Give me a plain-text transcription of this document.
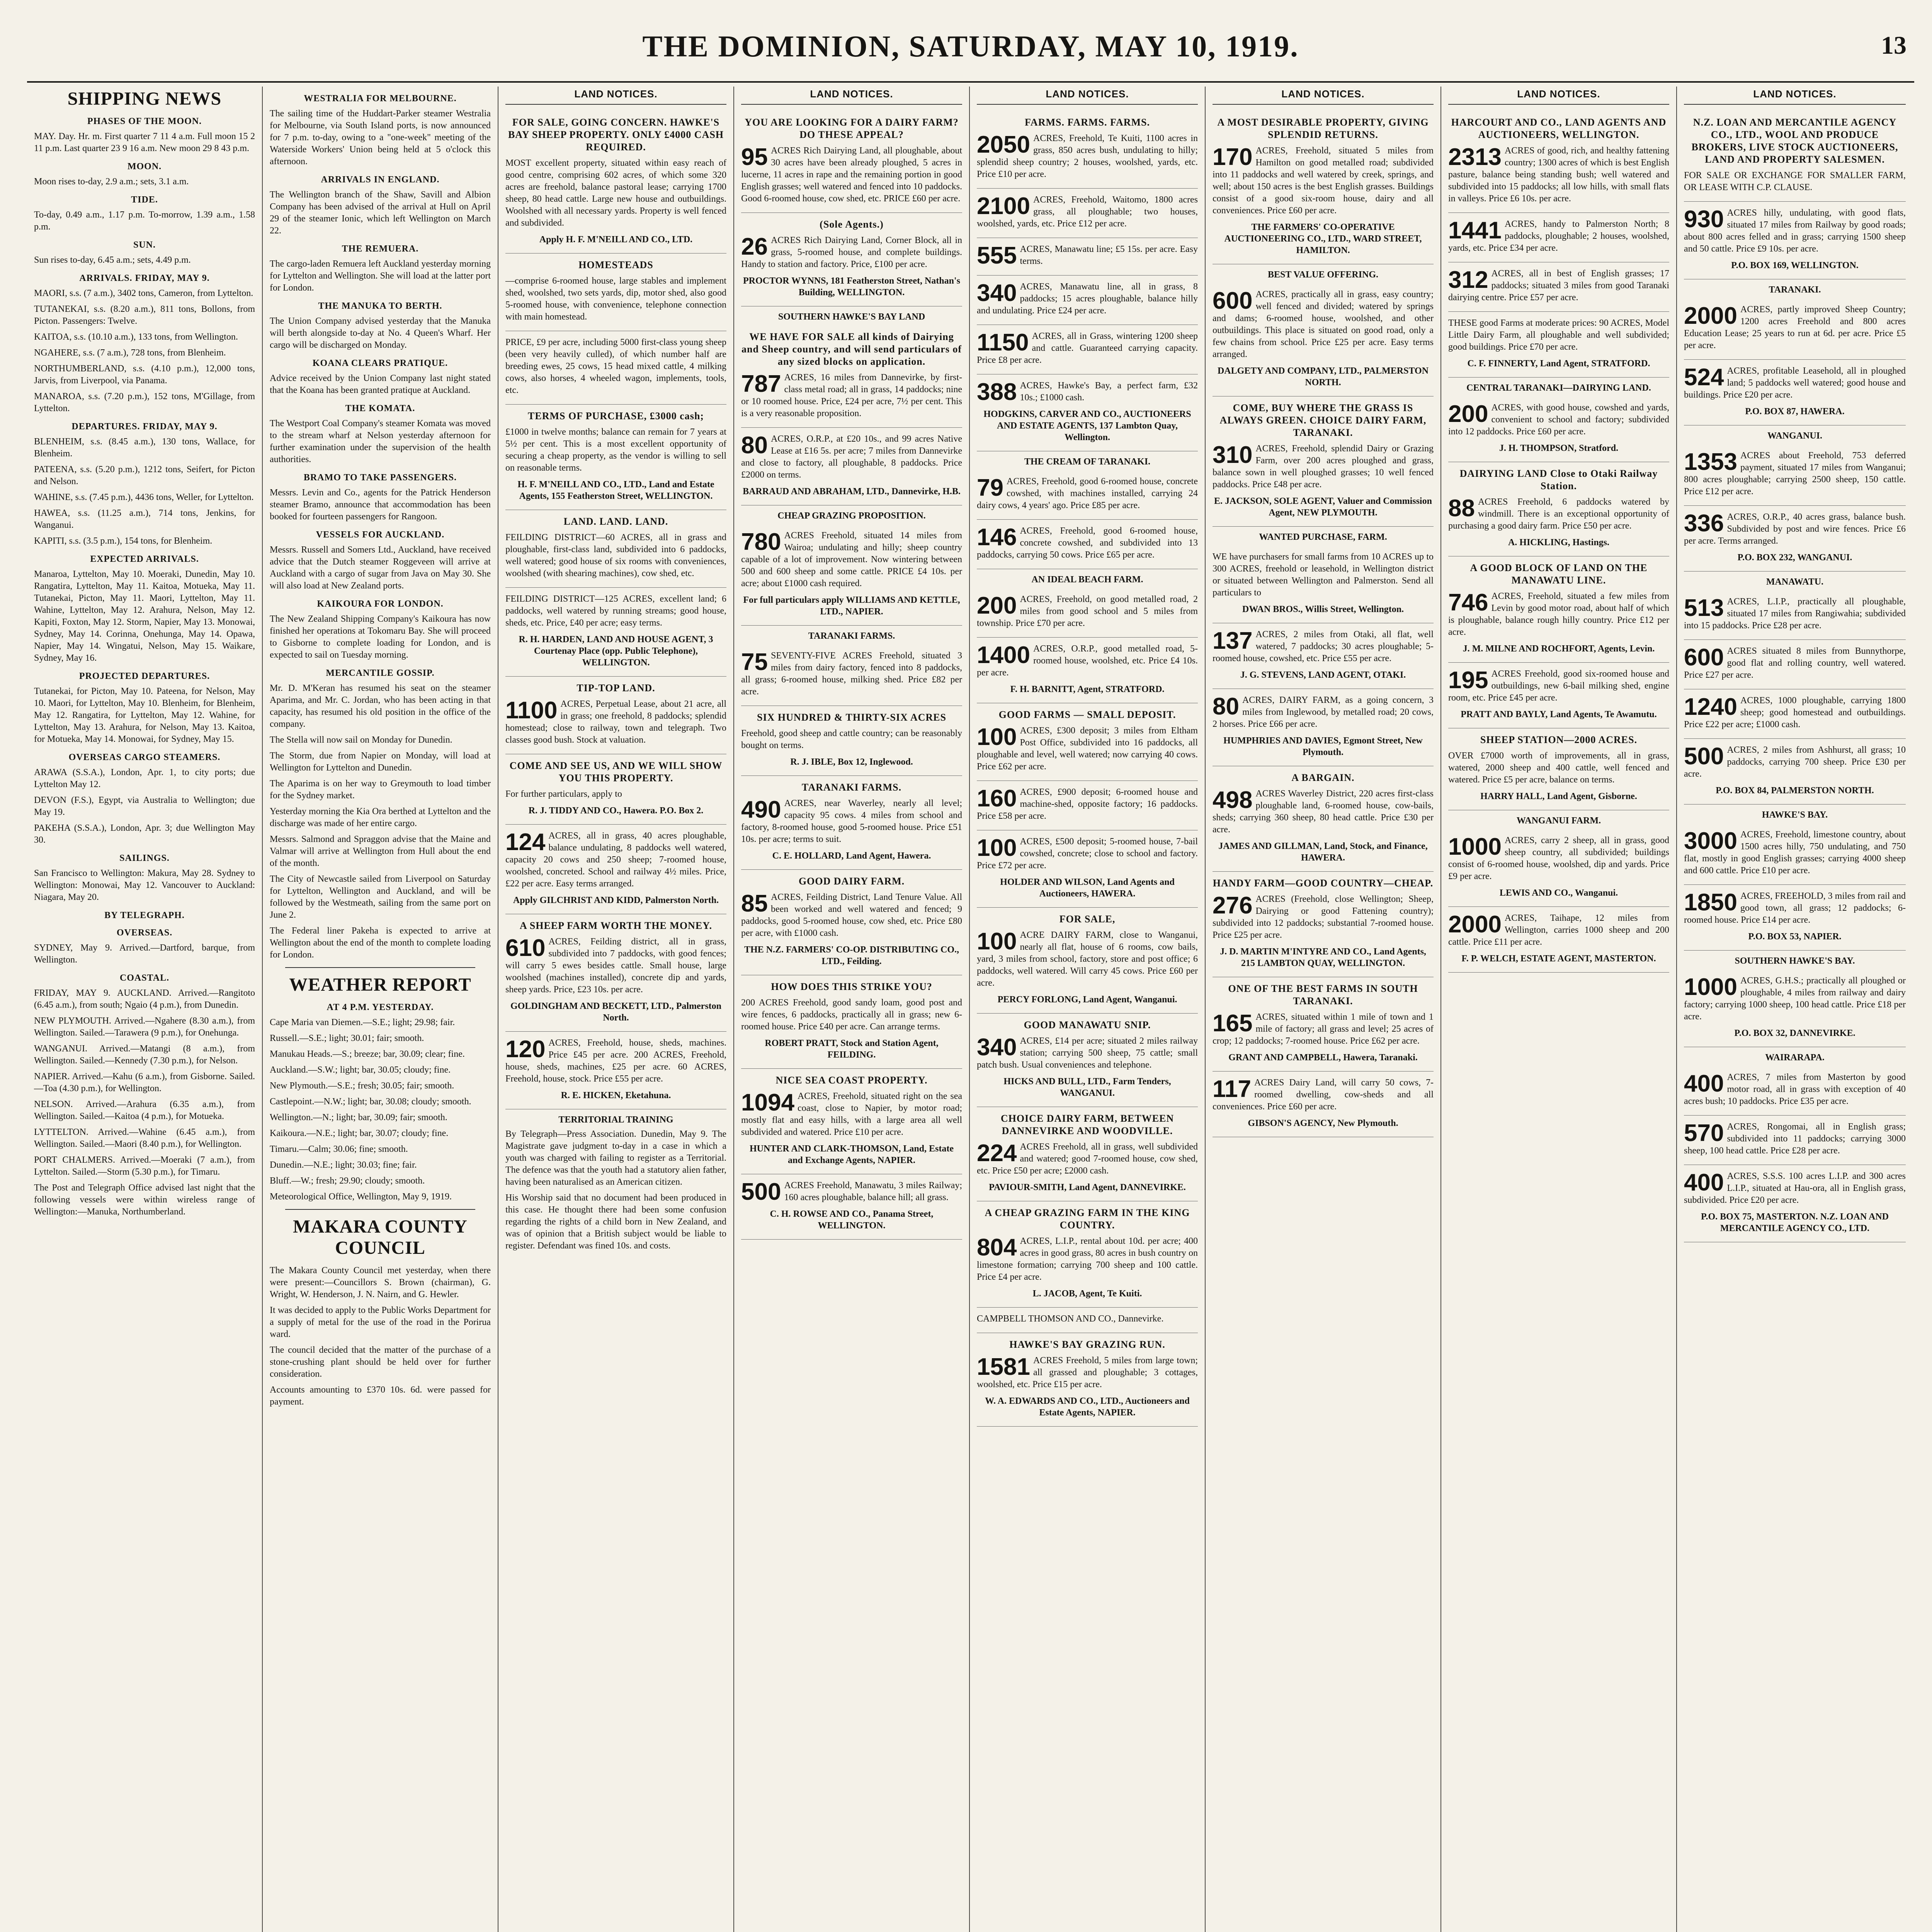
THE DOMINION, SATURDAY, MAY 10, 1919.	13
SHIPPING NEWS
PHASES OF THE MOON.
MAY. Day. Hr. m. First quarter 7 11 4 a.m. Full moon 15 2 11 p.m. Last quarter 23 9 16 a.m. New moon 29 8 43 p.m.
MOON.
Moon rises to-day, 2.9 a.m.; sets, 3.1 a.m.
TIDE.
To-day, 0.49 a.m., 1.17 p.m. To-morrow, 1.39 a.m., 1.58 p.m.
SUN.
Sun rises to-day, 6.45 a.m.; sets, 4.49 p.m.
ARRIVALS. FRIDAY, MAY 9.
MAORI, s.s. (7 a.m.), 3402 tons, Cameron, from Lyttelton.
TUTANEKAI, s.s. (8.20 a.m.), 811 tons, Bollons, from Picton. Passengers: Twelve.
KAITOA, s.s. (10.10 a.m.), 133 tons, from Wellington.
NGAHERE, s.s. (7 a.m.), 728 tons, from Blenheim.
NORTHUMBERLAND, s.s. (4.10 p.m.), 12,000 tons, Jarvis, from Liverpool, via Panama.
MANAROA, s.s. (7.20 p.m.), 152 tons, M'Gillage, from Lyttelton.
DEPARTURES. FRIDAY, MAY 9.
BLENHEIM, s.s. (8.45 a.m.), 130 tons, Wallace, for Blenheim.
PATEENA, s.s. (5.20 p.m.), 1212 tons, Seifert, for Picton and Nelson.
WAHINE, s.s. (7.45 p.m.), 4436 tons, Weller, for Lyttelton.
HAWEA, s.s. (11.25 a.m.), 714 tons, Jenkins, for Wanganui.
KAPITI, s.s. (3.5 p.m.), 154 tons, for Blenheim.
EXPECTED ARRIVALS.
Manaroa, Lyttelton, May 10. Moeraki, Dunedin, May 10. Rangatira, Lyttelton, May 11. Kaitoa, Motueka, May 11. Tutanekai, Picton, May 11. Maori, Lyttelton, May 11. Wahine, Lyttelton, May 12. Arahura, Nelson, May 12. Kapiti, Foxton, May 12. Storm, Napier, May 13. Monowai, Sydney, May 14. Corinna, Onehunga, May 14. Opawa, Napier, May 14. Wingatui, Nelson, May 15. Waikare, Sydney, May 16.
PROJECTED DEPARTURES.
Tutanekai, for Picton, May 10. Pateena, for Nelson, May 10. Maori, for Lyttelton, May 10. Blenheim, for Blenheim, May 12. Rangatira, for Lyttelton, May 12. Wahine, for Lyttelton, May 13. Arahura, for Nelson, May 13. Kaitoa, for Motueka, May 14. Monowai, for Sydney, May 15.
OVERSEAS CARGO STEAMERS.
ARAWA (S.S.A.), London, Apr. 1, to city ports; due Lyttelton May 12.
DEVON (F.S.), Egypt, via Australia to Wellington; due May 19.
PAKEHA (S.S.A.), London, Apr. 3; due Wellington May 30.
SAILINGS.
San Francisco to Wellington: Makura, May 28. Sydney to Wellington: Monowai, May 12. Vancouver to Auckland: Niagara, May 20.
BY TELEGRAPH.
OVERSEAS.
SYDNEY, May 9. Arrived.—Dartford, barque, from Wellington.
COASTAL.
FRIDAY, MAY 9. AUCKLAND. Arrived.—Rangitoto (6.45 a.m.), from south; Ngaio (4 p.m.), from Dunedin.
NEW PLYMOUTH. Arrived.—Ngahere (8.30 a.m.), from Wellington. Sailed.—Tarawera (9 p.m.), for Onehunga.
WANGANUI. Arrived.—Matangi (8 a.m.), from Wellington. Sailed.—Kennedy (7.30 p.m.), for Nelson.
NAPIER. Arrived.—Kahu (6 a.m.), from Gisborne. Sailed.—Toa (4.30 p.m.), for Wellington.
NELSON. Arrived.—Arahura (6.35 a.m.), from Wellington. Sailed.—Kaitoa (4 p.m.), for Motueka.
LYTTELTON. Arrived.—Wahine (6.45 a.m.), from Wellington. Sailed.—Maori (8.40 p.m.), for Wellington.
PORT CHALMERS. Arrived.—Moeraki (7 a.m.), from Lyttelton. Sailed.—Storm (5.30 p.m.), for Timaru.
The Post and Telegraph Office advised last night that the following vessels were within wireless range of Wellington:—Manuka, Northumberland.
WESTRALIA FOR MELBOURNE.
The sailing time of the Huddart-Parker steamer Westralia for Melbourne, via South Island ports, is now announced for 7 p.m. to-day, owing to a "one-week" meeting of the Waterside Workers' Union being held at 5 o'clock this afternoon.
ARRIVALS IN ENGLAND.
The Wellington branch of the Shaw, Savill and Albion Company has been advised of the arrival at Hull on April 29 of the steamer Ionic, which left Wellington on March 22.
THE REMUERA.
The cargo-laden Remuera left Auckland yesterday morning for Lyttelton and Wellington. She will load at the latter port for London.
THE MANUKA TO BERTH.
The Union Company advised yesterday that the Manuka will berth alongside to-day at No. 4 Queen's Wharf. Her cargo will be discharged on Monday.
KOANA CLEARS PRATIQUE.
Advice received by the Union Company last night stated that the Koana has been granted pratique at Auckland.
THE KOMATA.
The Westport Coal Company's steamer Komata was moved to the stream wharf at Nelson yesterday afternoon for further examination under the supervision of the health authorities.
BRAMO TO TAKE PASSENGERS.
Messrs. Levin and Co., agents for the Patrick Henderson steamer Bramo, announce that accommodation has been booked for fourteen passengers for Rangoon.
VESSELS FOR AUCKLAND.
Messrs. Russell and Somers Ltd., Auckland, have received advice that the Dutch steamer Roggeveen will arrive at Auckland with a cargo of sugar from Java on May 30. She will also load at New Zealand ports.
KAIKOURA FOR LONDON.
The New Zealand Shipping Company's Kaikoura has now finished her operations at Tokomaru Bay. She will proceed to Gisborne to complete loading for London, and is expected to sail on Tuesday morning.
MERCANTILE GOSSIP.
Mr. D. M'Keran has resumed his seat on the steamer Aparima, and Mr. C. Jordan, who has been acting in that capacity, has resumed his old position in the office of the company.
The Stella will now sail on Monday for Dunedin.
The Storm, due from Napier on Monday, will load at Wellington for Lyttelton and Dunedin.
The Aparima is on her way to Greymouth to load timber for the Sydney market.
Yesterday morning the Kia Ora berthed at Lyttelton and the discharge was made of her entire cargo.
Messrs. Salmond and Spraggon advise that the Maine and Valmar will arrive at Wellington from Hull about the end of the month.
The City of Newcastle sailed from Liverpool on Saturday for Lyttelton, Wellington and Auckland, and will be followed by the Westmeath, sailing from the same port on June 2.
The Federal liner Pakeha is expected to arrive at Wellington about the end of the month to complete loading for London.
WEATHER REPORT
AT 4 P.M. YESTERDAY.
Cape Maria van Diemen.—S.E.; light; 29.98; fair.
Russell.—S.E.; light; 30.01; fair; smooth.
Manukau Heads.—S.; breeze; bar, 30.09; clear; fine.
Auckland.—S.W.; light; bar, 30.05; cloudy; fine.
New Plymouth.—S.E.; fresh; 30.05; fair; smooth.
Castlepoint.—N.W.; light; bar, 30.08; cloudy; smooth.
Wellington.—N.; light; bar, 30.09; fair; smooth.
Kaikoura.—N.E.; light; bar, 30.07; cloudy; fine.
Timaru.—Calm; 30.06; fine; smooth.
Dunedin.—N.E.; light; 30.03; fine; fair.
Bluff.—W.; fresh; 29.90; cloudy; smooth.
Meteorological Office, Wellington, May 9, 1919.
MAKARA COUNTY COUNCIL
The Makara County Council met yesterday, when there were present:—Councillors S. Brown (chairman), G. Wright, W. Henderson, J. N. Nairn, and G. Hewler.
It was decided to apply to the Public Works Department for a supply of metal for the use of the road in the Porirua ward.
The council decided that the matter of the purchase of a stone-crushing plant should be held over for further consideration.
Accounts amounting to £370 10s. 6d. were passed for payment.
LAND NOTICES.
FOR SALE, GOING CONCERN. HAWKE'S BAY SHEEP PROPERTY. ONLY £4000 CASH REQUIRED.
MOST excellent property, situated within easy reach of good centre, comprising 602 acres, of which some 320 acres are freehold, balance pastoral lease; carrying 1700 sheep, 80 head cattle. Large new house and outbuildings. Woolshed with all necessary yards. Property is well fenced and subdivided.
Apply H. F. M'NEILL AND CO., LTD.
HOMESTEADS
—comprise 6-roomed house, large stables and implement shed, woolshed, two sets yards, dip, motor shed, also good 5-roomed house, with convenience, telephone connection with main homestead.
PRICE, £9 per acre, including 5000 first-class young sheep (been very heavily culled), of which number half are breeding ewes, 25 cows, 15 head mixed cattle, 4 milking cows, also horses, 4 wheeled wagon, implements, tools, etc.
TERMS OF PURCHASE, £3000 cash;
£1000 in twelve months; balance can remain for 7 years at 5½ per cent. This is a most excellent opportunity of securing a cheap property, as the vendor is willing to sell on reasonable terms.
H. F. M'NEILL AND CO., LTD., Land and Estate Agents, 155 Featherston Street, WELLINGTON.
LAND. LAND. LAND.
FEILDING DISTRICT—60 ACRES, all in grass and ploughable, first-class land, subdivided into 6 paddocks, well watered; good house of six rooms with conveniences, woolshed (with shearing machines), cow shed, etc.
FEILDING DISTRICT—125 ACRES, excellent land; 6 paddocks, well watered by running streams; good house, sheds, etc. Price, £40 per acre; easy terms.
R. H. HARDEN, LAND AND HOUSE AGENT, 3 Courtenay Place (opp. Public Telephone), WELLINGTON.
TIP-TOP LAND.
1100 ACRES, Perpetual Lease, about 21 acre, all in grass; one freehold, 8 paddocks; splendid homestead; close to railway, town and telegraph. Two classes good bush. Stock at valuation.
COME AND SEE US, AND WE WILL SHOW YOU THIS PROPERTY.
For further particulars, apply to
R. J. TIDDY AND CO., Hawera. P.O. Box 2.
124 ACRES, all in grass, 40 acres ploughable, balance undulating, 8 paddocks well watered, capacity 20 cows and 250 sheep; 7-roomed house, woolshed, concreted. School and railway 4½ miles. Price, £22 per acre. Easy terms arranged.
Apply GILCHRIST AND KIDD, Palmerston North.
A SHEEP FARM WORTH THE MONEY.
610 ACRES, Feilding district, all in grass, subdivided into 7 paddocks, with good fences; will carry 5 ewes besides cattle. Small house, large woolshed (machines installed), concrete dip and yards, sheep yards. Price, £23 10s. per acre.
GOLDINGHAM AND BECKETT, LTD., Palmerston North.
120 ACRES, Freehold, house, sheds, machines. Price £45 per acre. 200 ACRES, Freehold, house, sheds, machines, £25 per acre. 60 ACRES, Freehold, house, stock. Price £55 per acre.
R. E. HICKEN, Eketahuna.
TERRITORIAL TRAINING
By Telegraph—Press Association. Dunedin, May 9. The Magistrate gave judgment to-day in a case in which a youth was charged with failing to register as a Territorial. The defence was that the youth had a statutory alien father, having been naturalised as an American citizen.
His Worship said that no document had been produced in this case. He thought there had been some confusion regarding the rights of a child born in New Zealand, and was of opinion that a British subject would be liable to register. Defendant was fined 10s. and costs.
LAND NOTICES.
YOU ARE LOOKING FOR A DAIRY FARM? DO THESE APPEAL?
95 ACRES Rich Dairying Land, all ploughable, about 30 acres have been already ploughed, 5 acres in lucerne, 11 acres in rape and the remaining portion in good English grasses; well watered and fenced into 10 paddocks. Good 6-roomed house, cow shed, etc. PRICE £60 per acre.
(Sole Agents.)
26 ACRES Rich Dairying Land, Corner Block, all in grass, 5-roomed house, and complete buildings. Handy to station and factory. Price, £100 per acre.
PROCTOR WYNNS, 181 Featherston Street, Nathan's Building, WELLINGTON.
SOUTHERN HAWKE'S BAY LAND
WE HAVE FOR SALE all kinds of Dairying and Sheep country, and will send particulars of any sized blocks on application.
787 ACRES, 16 miles from Dannevirke, by first-class metal road; all in grass, 14 paddocks; nine or 10 roomed house. Price, £24 per acre, 7½ per cent. This is a very reasonable proposition.
80 ACRES, O.R.P., at £20 10s., and 99 acres Native Lease at £16 5s. per acre; 7 miles from Dannevirke and close to factory, all ploughable, 8 paddocks. Price £2000 on terms.
BARRAUD AND ABRAHAM, LTD., Dannevirke, H.B.
CHEAP GRAZING PROPOSITION.
780 ACRES Freehold, situated 14 miles from Wairoa; undulating and hilly; sheep country capable of a lot of improvement. Now wintering between 500 and 600 sheep and some cattle. PRICE £4 10s. per acre; about £1000 cash required.
For full particulars apply WILLIAMS AND KETTLE, LTD., NAPIER.
TARANAKI FARMS.
75 SEVENTY-FIVE ACRES Freehold, situated 3 miles from dairy factory, fenced into 8 paddocks, all grass; 6-roomed house, milking shed. Price £82 per acre.
SIX HUNDRED & THIRTY-SIX ACRES
Freehold, good sheep and cattle country; can be reasonably bought on terms.
R. J. IBLE, Box 12, Inglewood.
TARANAKI FARMS.
490 ACRES, near Waverley, nearly all level; capacity 95 cows. 4 miles from school and factory, 8-roomed house, good 5-roomed house. Price £51 10s. per acre; terms to suit.
C. E. HOLLARD, Land Agent, Hawera.
GOOD DAIRY FARM.
85 ACRES, Feilding District, Land Tenure Value. All been worked and well watered and fenced; 9 paddocks, good 5-roomed house, cow shed, etc. Price £80 per acre, with £1000 cash.
THE N.Z. FARMERS' CO-OP. DISTRIBUTING CO., LTD., Feilding.
HOW DOES THIS STRIKE YOU?
200 ACRES Freehold, good sandy loam, good post and wire fences, 6 paddocks, practically all in grass; new 6-roomed house. Price £40 per acre. Can arrange terms.
ROBERT PRATT, Stock and Station Agent, FEILDING.
NICE SEA COAST PROPERTY.
1094 ACRES, Freehold, situated right on the sea coast, close to Napier, by motor road; mostly flat and easy hills, with a large area all well subdivided and watered. Price £10 per acre.
HUNTER AND CLARK-THOMSON, Land, Estate and Exchange Agents, NAPIER.
500 ACRES Freehold, Manawatu, 3 miles Railway; 160 acres ploughable, balance hill; all grass.
C. H. ROWSE AND CO., Panama Street, WELLINGTON.
LAND NOTICES.
FARMS. FARMS. FARMS.
2050 ACRES, Freehold, Te Kuiti, 1100 acres in grass, 850 acres bush, undulating to hilly; splendid sheep country; 2 houses, woolshed, yards, etc. Price £10 per acre.
2100 ACRES, Freehold, Waitomo, 1800 acres grass, all ploughable; two houses, woolshed, yards, etc. Price £12 per acre.
555 ACRES, Manawatu line; £5 15s. per acre. Easy terms.
340 ACRES, Manawatu line, all in grass, 8 paddocks; 15 acres ploughable, balance hilly and undulating. Price £24 per acre.
1150 ACRES, all in Grass, wintering 1200 sheep and cattle. Guaranteed carrying capacity. Price £8 per acre.
388 ACRES, Hawke's Bay, a perfect farm, £32 10s.; £1000 cash.
HODGKINS, CARVER AND CO., AUCTIONEERS AND ESTATE AGENTS, 137 Lambton Quay, Wellington.
THE CREAM OF TARANAKI.
79 ACRES, Freehold, good 6-roomed house, concrete cowshed, with machines installed, carrying 24 dairy cows, 4 years' ago. Price £85 per acre.
146 ACRES, Freehold, good 6-roomed house, concrete cowshed, and subdivided into 13 paddocks, carrying 50 cows. Price £65 per acre.
AN IDEAL BEACH FARM.
200 ACRES, Freehold, on good metalled road, 2 miles from good school and 5 miles from township. Price £70 per acre.
1400 ACRES, O.R.P., good metalled road, 5-roomed house, woolshed, etc. Price £4 10s. per acre.
F. H. BARNITT, Agent, STRATFORD.
GOOD FARMS — SMALL DEPOSIT.
100 ACRES, £300 deposit; 3 miles from Eltham Post Office, subdivided into 16 paddocks, all ploughable and level, well watered; now carrying 40 cows. Price £62 per acre.
160 ACRES, £900 deposit; 6-roomed house and machine-shed, opposite factory; 16 paddocks. Price £58 per acre.
100 ACRES, £500 deposit; 5-roomed house, 7-bail cowshed, concrete; close to school and factory. Price £72 per acre.
HOLDER AND WILSON, Land Agents and Auctioneers, HAWERA.
FOR SALE,
100 ACRE DAIRY FARM, close to Wanganui, nearly all flat, house of 6 rooms, cow bails, yard, 3 miles from school, factory, store and post office; 6 paddocks, well watered. Will carry 45 cows. Price £60 per acre.
PERCY FORLONG, Land Agent, Wanganui.
GOOD MANAWATU SNIP.
340 ACRES, £14 per acre; situated 2 miles railway station; carrying 500 sheep, 75 cattle; small patch bush. Usual conveniences and telephone.
HICKS AND BULL, LTD., Farm Tenders, WANGANUI.
CHOICE DAIRY FARM, BETWEEN DANNEVIRKE AND WOODVILLE.
224 ACRES Freehold, all in grass, well subdivided and watered; good 7-roomed house, cow shed, etc. Price £50 per acre; £2000 cash.
PAVIOUR-SMITH, Land Agent, DANNEVIRKE.
A CHEAP GRAZING FARM IN THE KING COUNTRY.
804 ACRES, L.I.P., rental about 10d. per acre; 400 acres in good grass, 80 acres in bush country on limestone formation; carrying 700 sheep and 100 cattle. Price £4 per acre.
L. JACOB, Agent, Te Kuiti.
CAMPBELL THOMSON AND CO., Dannevirke.
HAWKE'S BAY GRAZING RUN.
1581 ACRES Freehold, 5 miles from large town; all grassed and ploughable; 3 cottages, woolshed, etc. Price £15 per acre.
W. A. EDWARDS AND CO., LTD., Auctioneers and Estate Agents, NAPIER.
LAND NOTICES.
A MOST DESIRABLE PROPERTY, GIVING SPLENDID RETURNS.
170 ACRES, Freehold, situated 5 miles from Hamilton on good metalled road; subdivided into 11 paddocks and well watered by creek, springs, and well; about 150 acres is the best English grasses. Buildings consist of a good six-room house, dairy and all conveniences. Price £60 per acre.
THE FARMERS' CO-OPERATIVE AUCTIONEERING CO., LTD., WARD STREET, HAMILTON.
BEST VALUE OFFERING.
600 ACRES, practically all in grass, easy country; well fenced and divided; watered by springs and dams; 6-roomed house, woolshed, and other outbuildings. This place is situated on good road, only a few chains from school. Price £25 per acre. Easy terms arranged.
DALGETY AND COMPANY, LTD., PALMERSTON NORTH.
COME, BUY WHERE THE GRASS IS ALWAYS GREEN. CHOICE DAIRY FARM, TARANAKI.
310 ACRES, Freehold, splendid Dairy or Grazing Farm, over 200 acres ploughed and grass, balance sown in well ploughed grasses; 10 well fenced paddocks. Price £48 per acre.
E. JACKSON, SOLE AGENT, Valuer and Commission Agent, NEW PLYMOUTH.
WANTED PURCHASE, FARM.
WE have purchasers for small farms from 10 ACRES up to 300 ACRES, freehold or leasehold, in Wellington district or situated between Wellington and Palmerston. Send all particulars to
DWAN BROS., Willis Street, Wellington.
137 ACRES, 2 miles from Otaki, all flat, well watered, 7 paddocks; 30 acres ploughable; 5-roomed house, cowshed, etc. Price £55 per acre.
J. G. STEVENS, LAND AGENT, OTAKI.
80 ACRES, DAIRY FARM, as a going concern, 3 miles from Inglewood, by metalled road; 20 cows, 2 horses. Price £66 per acre.
HUMPHRIES AND DAVIES, Egmont Street, New Plymouth.
A BARGAIN.
498 ACRES Waverley District, 220 acres first-class ploughable land, 6-roomed house, cow-bails, sheds; carrying 360 sheep, 80 head cattle. Price £30 per acre.
JAMES AND GILLMAN, Land, Stock, and Finance, HAWERA.
HANDY FARM—GOOD COUNTRY—CHEAP.
276 ACRES (Freehold, close Wellington; Sheep, Dairying or good Fattening country); subdivided into 12 paddocks; substantial 7-roomed house. Price £25 per acre.
J. D. MARTIN M'INTYRE AND CO., Land Agents, 215 LAMBTON QUAY, WELLINGTON.
ONE OF THE BEST FARMS IN SOUTH TARANAKI.
165 ACRES, situated within 1 mile of town and 1 mile of factory; all grass and level; 25 acres of crop; 12 paddocks; 7-roomed house. Price £62 per acre.
GRANT AND CAMPBELL, Hawera, Taranaki.
117 ACRES Dairy Land, will carry 50 cows, 7-roomed dwelling, cow-sheds and all conveniences. Price £60 per acre.
GIBSON'S AGENCY, New Plymouth.
LAND NOTICES.
HARCOURT AND CO., LAND AGENTS AND AUCTIONEERS, WELLINGTON.
2313 ACRES of good, rich, and healthy fattening country; 1300 acres of which is best English pasture, balance being standing bush; well watered and subdivided into 15 paddocks; all low hills, with small flats in valleys. Price £6 10s. per acre.
1441 ACRES, handy to Palmerston North; 8 paddocks, ploughable; 2 houses, woolshed, yards, etc. Price £34 per acre.
312 ACRES, all in best of English grasses; 17 paddocks; situated 3 miles from good Taranaki dairying centre. Price £57 per acre.
THESE good Farms at moderate prices: 90 ACRES, Model Little Dairy Farm, all ploughable and well subdivided; good buildings. Price £70 per acre.
C. F. FINNERTY, Land Agent, STRATFORD.
CENTRAL TARANAKI—DAIRYING LAND.
200 ACRES, with good house, cowshed and yards, convenient to school and factory; subdivided into 12 paddocks. Price £60 per acre.
J. H. THOMPSON, Stratford.
DAIRYING LAND Close to Otaki Railway Station.
88 ACRES Freehold, 6 paddocks watered by windmill. There is an exceptional opportunity of purchasing a good dairy farm. Price £50 per acre.
A. HICKLING, Hastings.
A GOOD BLOCK OF LAND ON THE MANAWATU LINE.
746 ACRES, Freehold, situated a few miles from Levin by good motor road, about half of which is ploughable, balance rough hilly country. Price £12 per acre.
J. M. MILNE AND ROCHFORT, Agents, Levin.
195 ACRES Freehold, good six-roomed house and outbuildings, new 6-bail milking shed, engine room, etc. Price £45 per acre.
PRATT AND BAYLY, Land Agents, Te Awamutu.
SHEEP STATION—2000 ACRES.
OVER £7000 worth of improvements, all in grass, watered, 2000 sheep and 400 cattle, well fenced and watered. Price £5 per acre, balance on terms.
HARRY HALL, Land Agent, Gisborne.
WANGANUI FARM.
1000 ACRES, carry 2 sheep, all in grass, good sheep country, all subdivided; buildings consist of 6-roomed house, woolshed, dip and yards. Price £9 per acre.
LEWIS AND CO., Wanganui.
2000 ACRES, Taihape, 12 miles from Wellington, carries 1000 sheep and 200 cattle. Price £11 per acre.
F. P. WELCH, ESTATE AGENT, MASTERTON.
LAND NOTICES.
N.Z. LOAN AND MERCANTILE AGENCY CO., LTD., WOOL AND PRODUCE BROKERS, LIVE STOCK AUCTIONEERS, LAND AND PROPERTY SALESMEN.
FOR SALE OR EXCHANGE FOR SMALLER FARM, OR LEASE WITH C.P. CLAUSE.
930 ACRES hilly, undulating, with good flats, situated 17 miles from Railway by good roads; about 800 acres felled and in grass; carrying 1500 sheep and 50 cattle. Price £9 10s. per acre.
P.O. BOX 169, WELLINGTON.
TARANAKI.
2000 ACRES, partly improved Sheep Country; 1200 acres Freehold and 800 acres Education Lease; 25 years to run at 6d. per acre. Price £5 per acre.
524 ACRES, profitable Leasehold, all in ploughed land; 5 paddocks well watered; good house and buildings. Price £20 per acre.
P.O. BOX 87, HAWERA.
WANGANUI.
1353 ACRES about Freehold, 753 deferred payment, situated 17 miles from Wanganui; 800 acres ploughable; carrying 2500 sheep, 150 cattle. Price £12 per acre.
336 ACRES, O.R.P., 40 acres grass, balance bush. Subdivided by post and wire fences. Price £6 per acre. Terms arranged.
P.O. BOX 232, WANGANUI.
MANAWATU.
513 ACRES, L.I.P., practically all ploughable, situated 17 miles from Rangiwahia; subdivided into 15 paddocks. Price £28 per acre.
600 ACRES situated 8 miles from Bunnythorpe, good flat and rolling country, well watered. Price £27 per acre.
1240 ACRES, 1000 ploughable, carrying 1800 sheep; good homestead and outbuildings. Price £22 per acre; £1000 cash.
500 ACRES, 2 miles from Ashhurst, all grass; 10 paddocks, carrying 700 sheep. Price £30 per acre.
P.O. BOX 84, PALMERSTON NORTH.
HAWKE'S BAY.
3000 ACRES, Freehold, limestone country, about 1500 acres hilly, 750 undulating, and 750 flat, mostly in good English grasses; carrying 4000 sheep and 600 cattle. Price £10 per acre.
1850 ACRES, FREEHOLD, 3 miles from rail and good town, all grass; 12 paddocks; 6-roomed house. Price £14 per acre.
P.O. BOX 53, NAPIER.
SOUTHERN HAWKE'S BAY.
1000 ACRES, G.H.S.; practically all ploughed or ploughable, 4 miles from railway and dairy factory; carrying 1000 sheep, 100 head cattle. Price £18 per acre.
P.O. BOX 32, DANNEVIRKE.
WAIRARAPA.
400 ACRES, 7 miles from Masterton by good motor road, all in grass with exception of 40 acres bush; 10 paddocks. Price £35 per acre.
570 ACRES, Rongomai, all in English grass; subdivided into 11 paddocks; carrying 3000 sheep, 100 head cattle. Price £28 per acre.
400 ACRES, S.S.S. 100 acres L.I.P. and 300 acres L.I.P., situated at Hau-ora, all in English grass, subdivided. Price £20 per acre.
P.O. BOX 75, MASTERTON. N.Z. LOAN AND MERCANTILE AGENCY CO., LTD.
